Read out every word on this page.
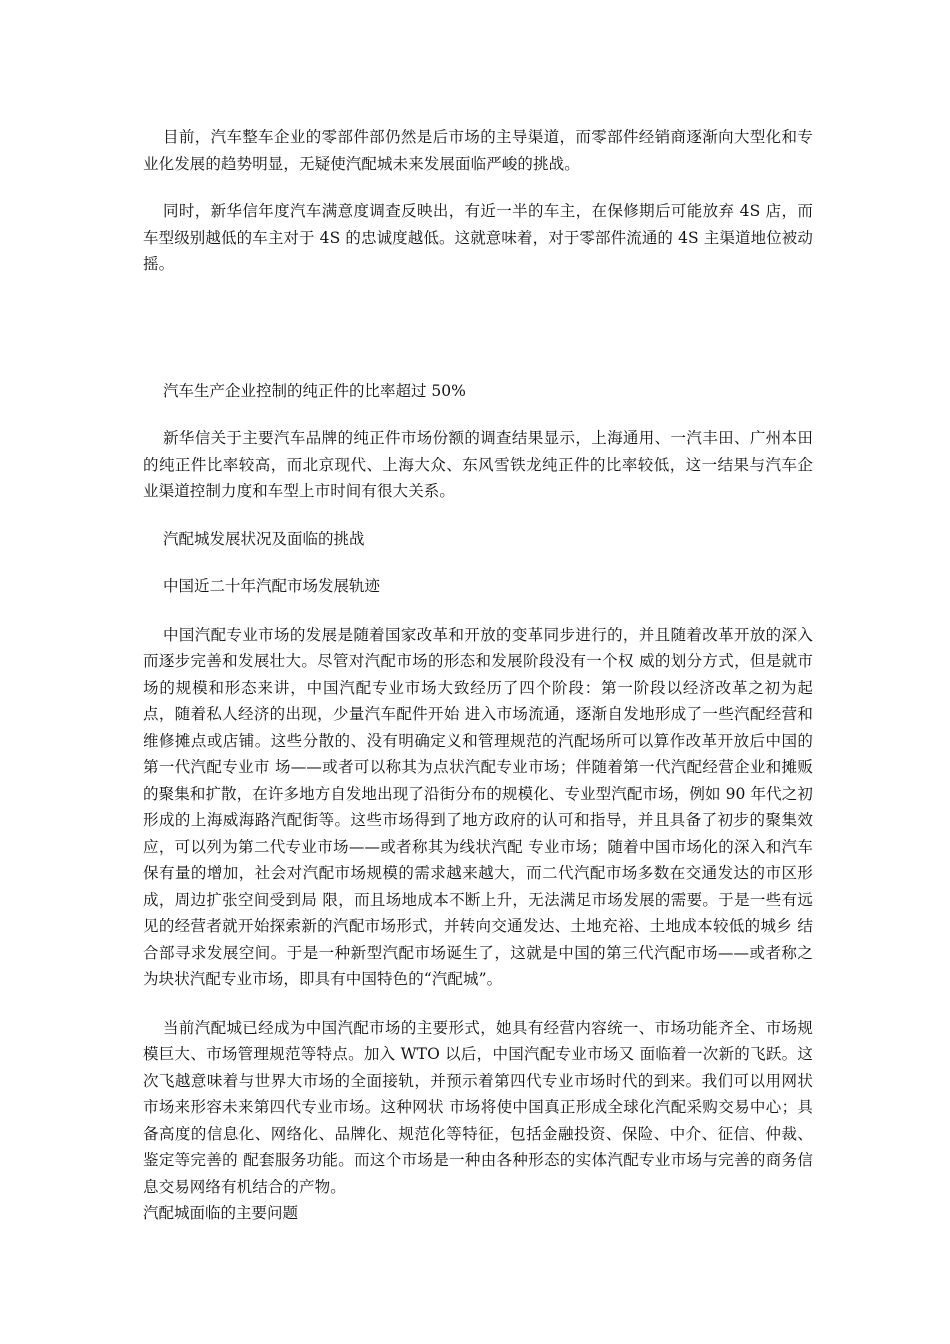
目前，汽车整车企业的零部件部仍然是后市场的主导渠道，而零部件经销商逐渐向大型化和专业化发展的趋势明显，无疑使汽配城未来发展面临严峻的挑战。

同时，新华信年度汽车满意度调查反映出，有近一半的车主，在保修期后可能放弃 4S 店，而车型级别越低的车主对于 4S 的忠诚度越低。这就意味着，对于零部件流通的 4S 主渠道地位被动摇。

汽车生产企业控制的纯正件的比率超过 50%

新华信关于主要汽车品牌的纯正件市场份额的调查结果显示，上海通用、一汽丰田、广州本田的纯正件比率较高，而北京现代、上海大众、东风雪铁龙纯正件的比率较低，这一结果与汽车企业渠道控制力度和车型上市时间有很大关系。

汽配城发展状况及面临的挑战

中国近二十年汽配市场发展轨迹

中国汽配专业市场的发展是随着国家改革和开放的变革同步进行的，并且随着改革开放的深入而逐步完善和发展壮大。尽管对汽配市场的形态和发展阶段没有一个权 威的划分方式，但是就市场的规模和形态来讲，中国汽配专业市场大致经历了四个阶段：第一阶段以经济改革之初为起点，随着私人经济的出现，少量汽车配件开始 进入市场流通，逐渐自发地形成了一些汽配经营和维修摊点或店铺。这些分散的、没有明确定义和管理规范的汽配场所可以算作改革开放后中国的第一代汽配专业市 场——或者可以称其为点状汽配专业市场；伴随着第一代汽配经营企业和摊贩的聚集和扩散，在许多地方自发地出现了沿街分布的规模化、专业型汽配市场，例如 90 年代之初形成的上海威海路汽配街等。这些市场得到了地方政府的认可和指导，并且具备了初步的聚集效应，可以列为第二代专业市场——或者称其为线状汽配 专业市场；随着中国市场化的深入和汽车保有量的增加，社会对汽配市场规模的需求越来越大，而二代汽配市场多数在交通发达的市区形成，周边扩张空间受到局 限，而且场地成本不断上升，无法满足市场发展的需要。于是一些有远见的经营者就开始探索新的汽配市场形式，并转向交通发达、土地充裕、土地成本较低的城乡 结合部寻求发展空间。于是一种新型汽配市场诞生了，这就是中国的第三代汽配市场——或者称之为块状汽配专业市场，即具有中国特色的“汽配城”。

当前汽配城已经成为中国汽配市场的主要形式，她具有经营内容统一、市场功能齐全、市场规模巨大、市场管理规范等特点。加入 WTO 以后，中国汽配专业市场又 面临着一次新的飞跃。这次飞越意味着与世界大市场的全面接轨，并预示着第四代专业市场时代的到来。我们可以用网状市场来形容未来第四代专业市场。这种网状 市场将使中国真正形成全球化汽配采购交易中心；具备高度的信息化、网络化、品牌化、规范化等特征，包括金融投资、保险、中介、征信、仲裁、鉴定等完善的 配套服务功能。而这个市场是一种由各种形态的实体汽配专业市场与完善的商务信息交易网络有机结合的产物。

汽配城面临的主要问题
